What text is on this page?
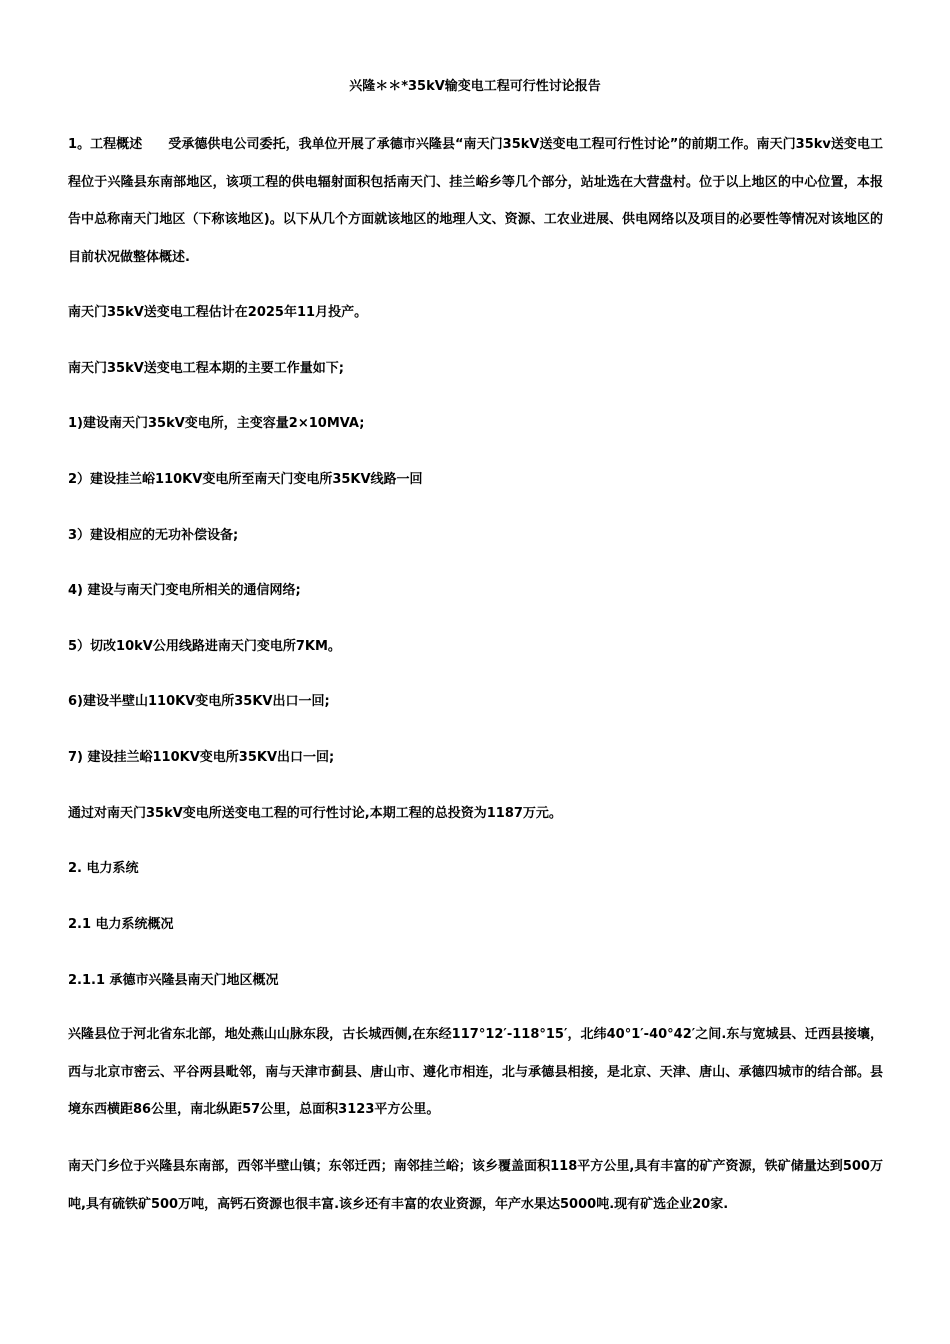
兴隆＊＊*35kV输变电工程可行性讨论报告
1。工程概述　　受承德供电公司委托，我单位开展了承德市兴隆县“南天门35kV送变电工程可行性讨论”的前期工作。南天门35kv送变电工程位于兴隆县东南部地区，该项工程的供电辐射面积包括南天门、挂兰峪乡等几个部分，站址选在大营盘村。位于以上地区的中心位置，本报告中总称南天门地区（下称该地区)。以下从几个方面就该地区的地理人文、资源、工农业进展、供电网络以及项目的必要性等情况对该地区的目前状况做整体概述.
南天门35kV送变电工程估计在2025年11月投产。
南天门35kV送变电工程本期的主要工作量如下;
1)建设南天门35kV变电所，主变容量2×10MVA;
2）建设挂兰峪110KV变电所至南天门变电所35KV线路一回
3）建设相应的无功补偿设备;
4) 建设与南天门变电所相关的通信网络;
5）切改10kV公用线路进南天门变电所7KM。
6)建设半壁山110KV变电所35KV出口一回;
7) 建设挂兰峪110KV变电所35KV出口一回;
通过对南天门35kV变电所送变电工程的可行性讨论,本期工程的总投资为1187万元。
2. 电力系统
2.1 电力系统概况
2.1.1 承德市兴隆县南天门地区概况
兴隆县位于河北省东北部，地处燕山山脉东段，古长城西侧,在东经117°12′-118°15′，北纬40°1′-40°42′之间.东与宽城县、迁西县接壤，西与北京市密云、平谷两县毗邻，南与天津市蓟县、唐山市、遵化市相连，北与承德县相接，是北京、天津、唐山、承德四城市的结合部。县境东西横距86公里，南北纵距57公里，总面积3123平方公里。
南天门乡位于兴隆县东南部，西邻半壁山镇；东邻迁西；南邻挂兰峪；该乡覆盖面积118平方公里,具有丰富的矿产资源，铁矿储量达到500万吨,具有硫铁矿500万吨，高钙石资源也很丰富.该乡还有丰富的农业资源，年产水果达5000吨.现有矿选企业20家.
